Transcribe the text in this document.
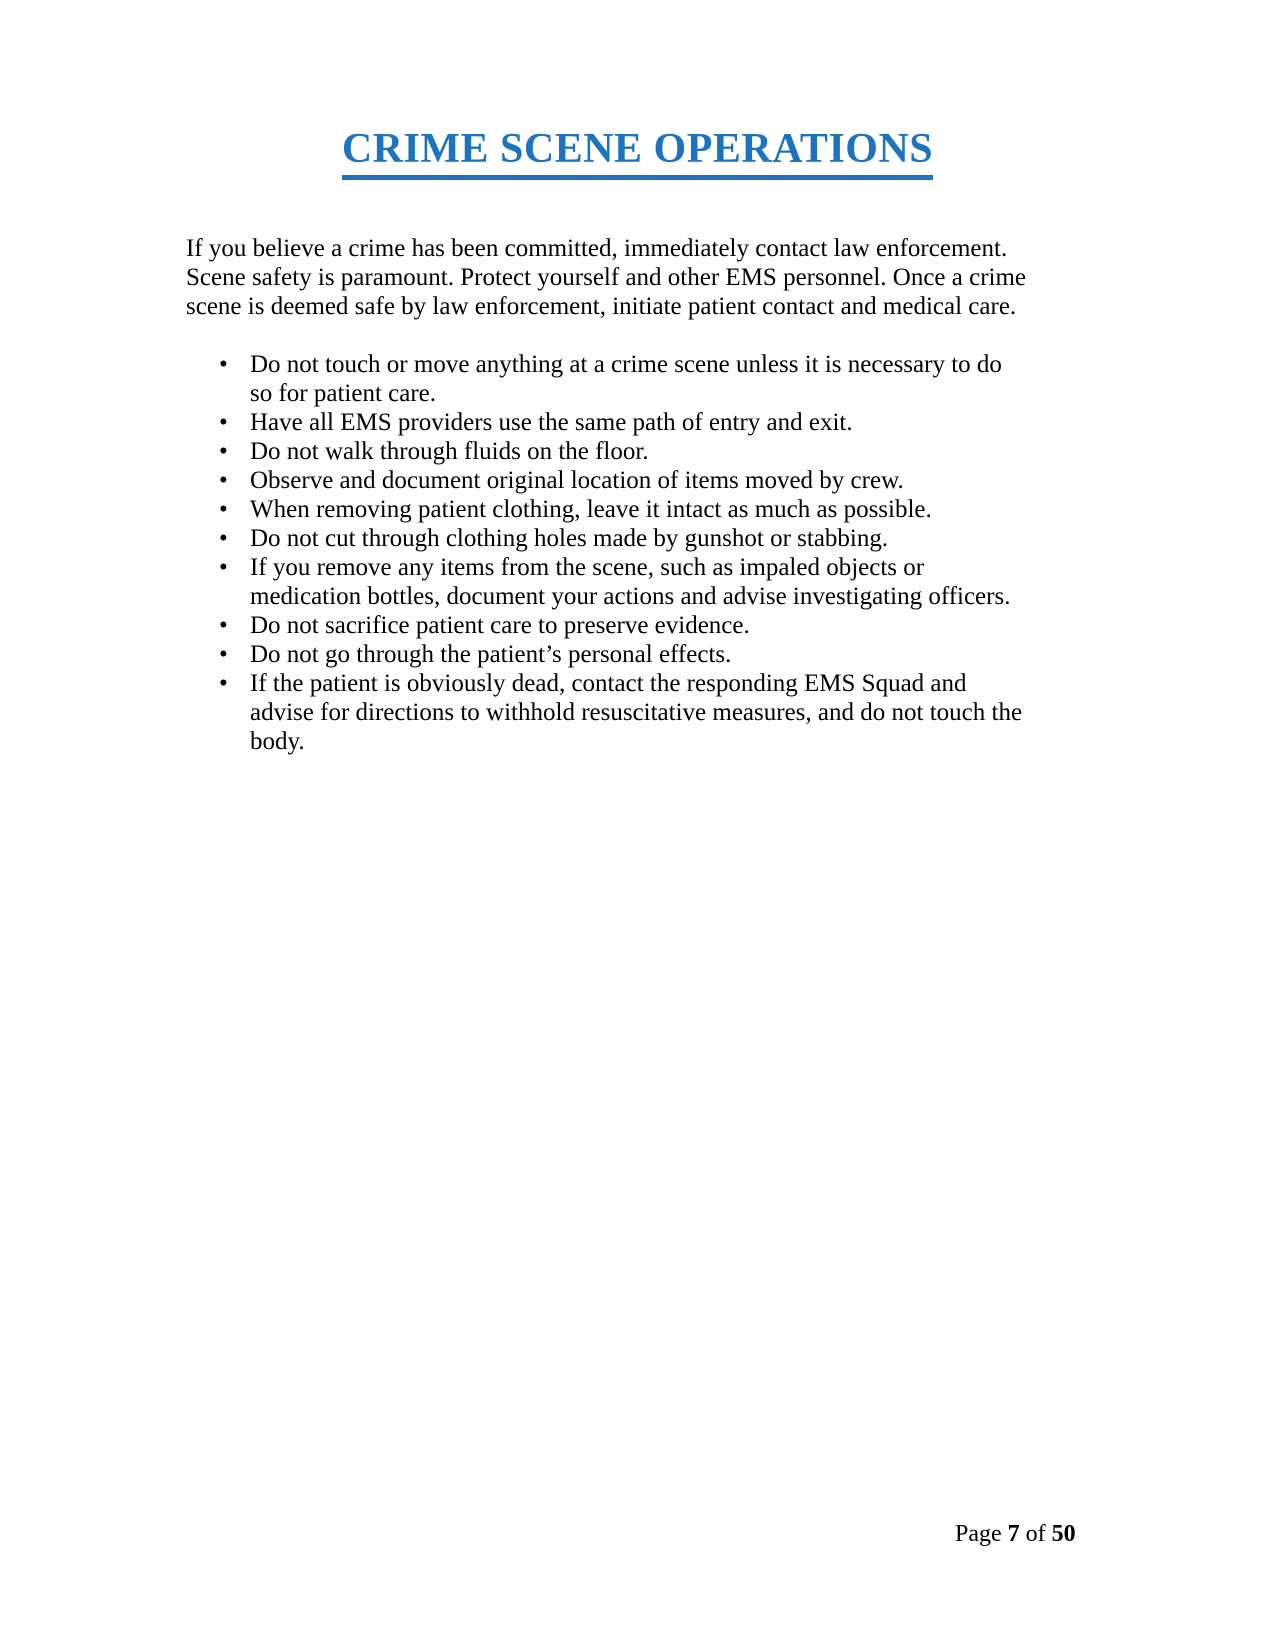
CRIME SCENE OPERATIONS

If you believe a crime has been committed, immediately contact law enforcement. Scene safety is paramount. Protect yourself and other EMS personnel. Once a crime scene is deemed safe by law enforcement, initiate patient contact and medical care.

• Do not touch or move anything at a crime scene unless it is necessary to do so for patient care.
• Have all EMS providers use the same path of entry and exit.
• Do not walk through fluids on the floor.
• Observe and document original location of items moved by crew.
• When removing patient clothing, leave it intact as much as possible.
• Do not cut through clothing holes made by gunshot or stabbing.
• If you remove any items from the scene, such as impaled objects or medication bottles, document your actions and advise investigating officers.
• Do not sacrifice patient care to preserve evidence.
• Do not go through the patient’s personal effects.
• If the patient is obviously dead, contact the responding EMS Squad and advise for directions to withhold resuscitative measures, and do not touch the body.
Page 7 of 50
